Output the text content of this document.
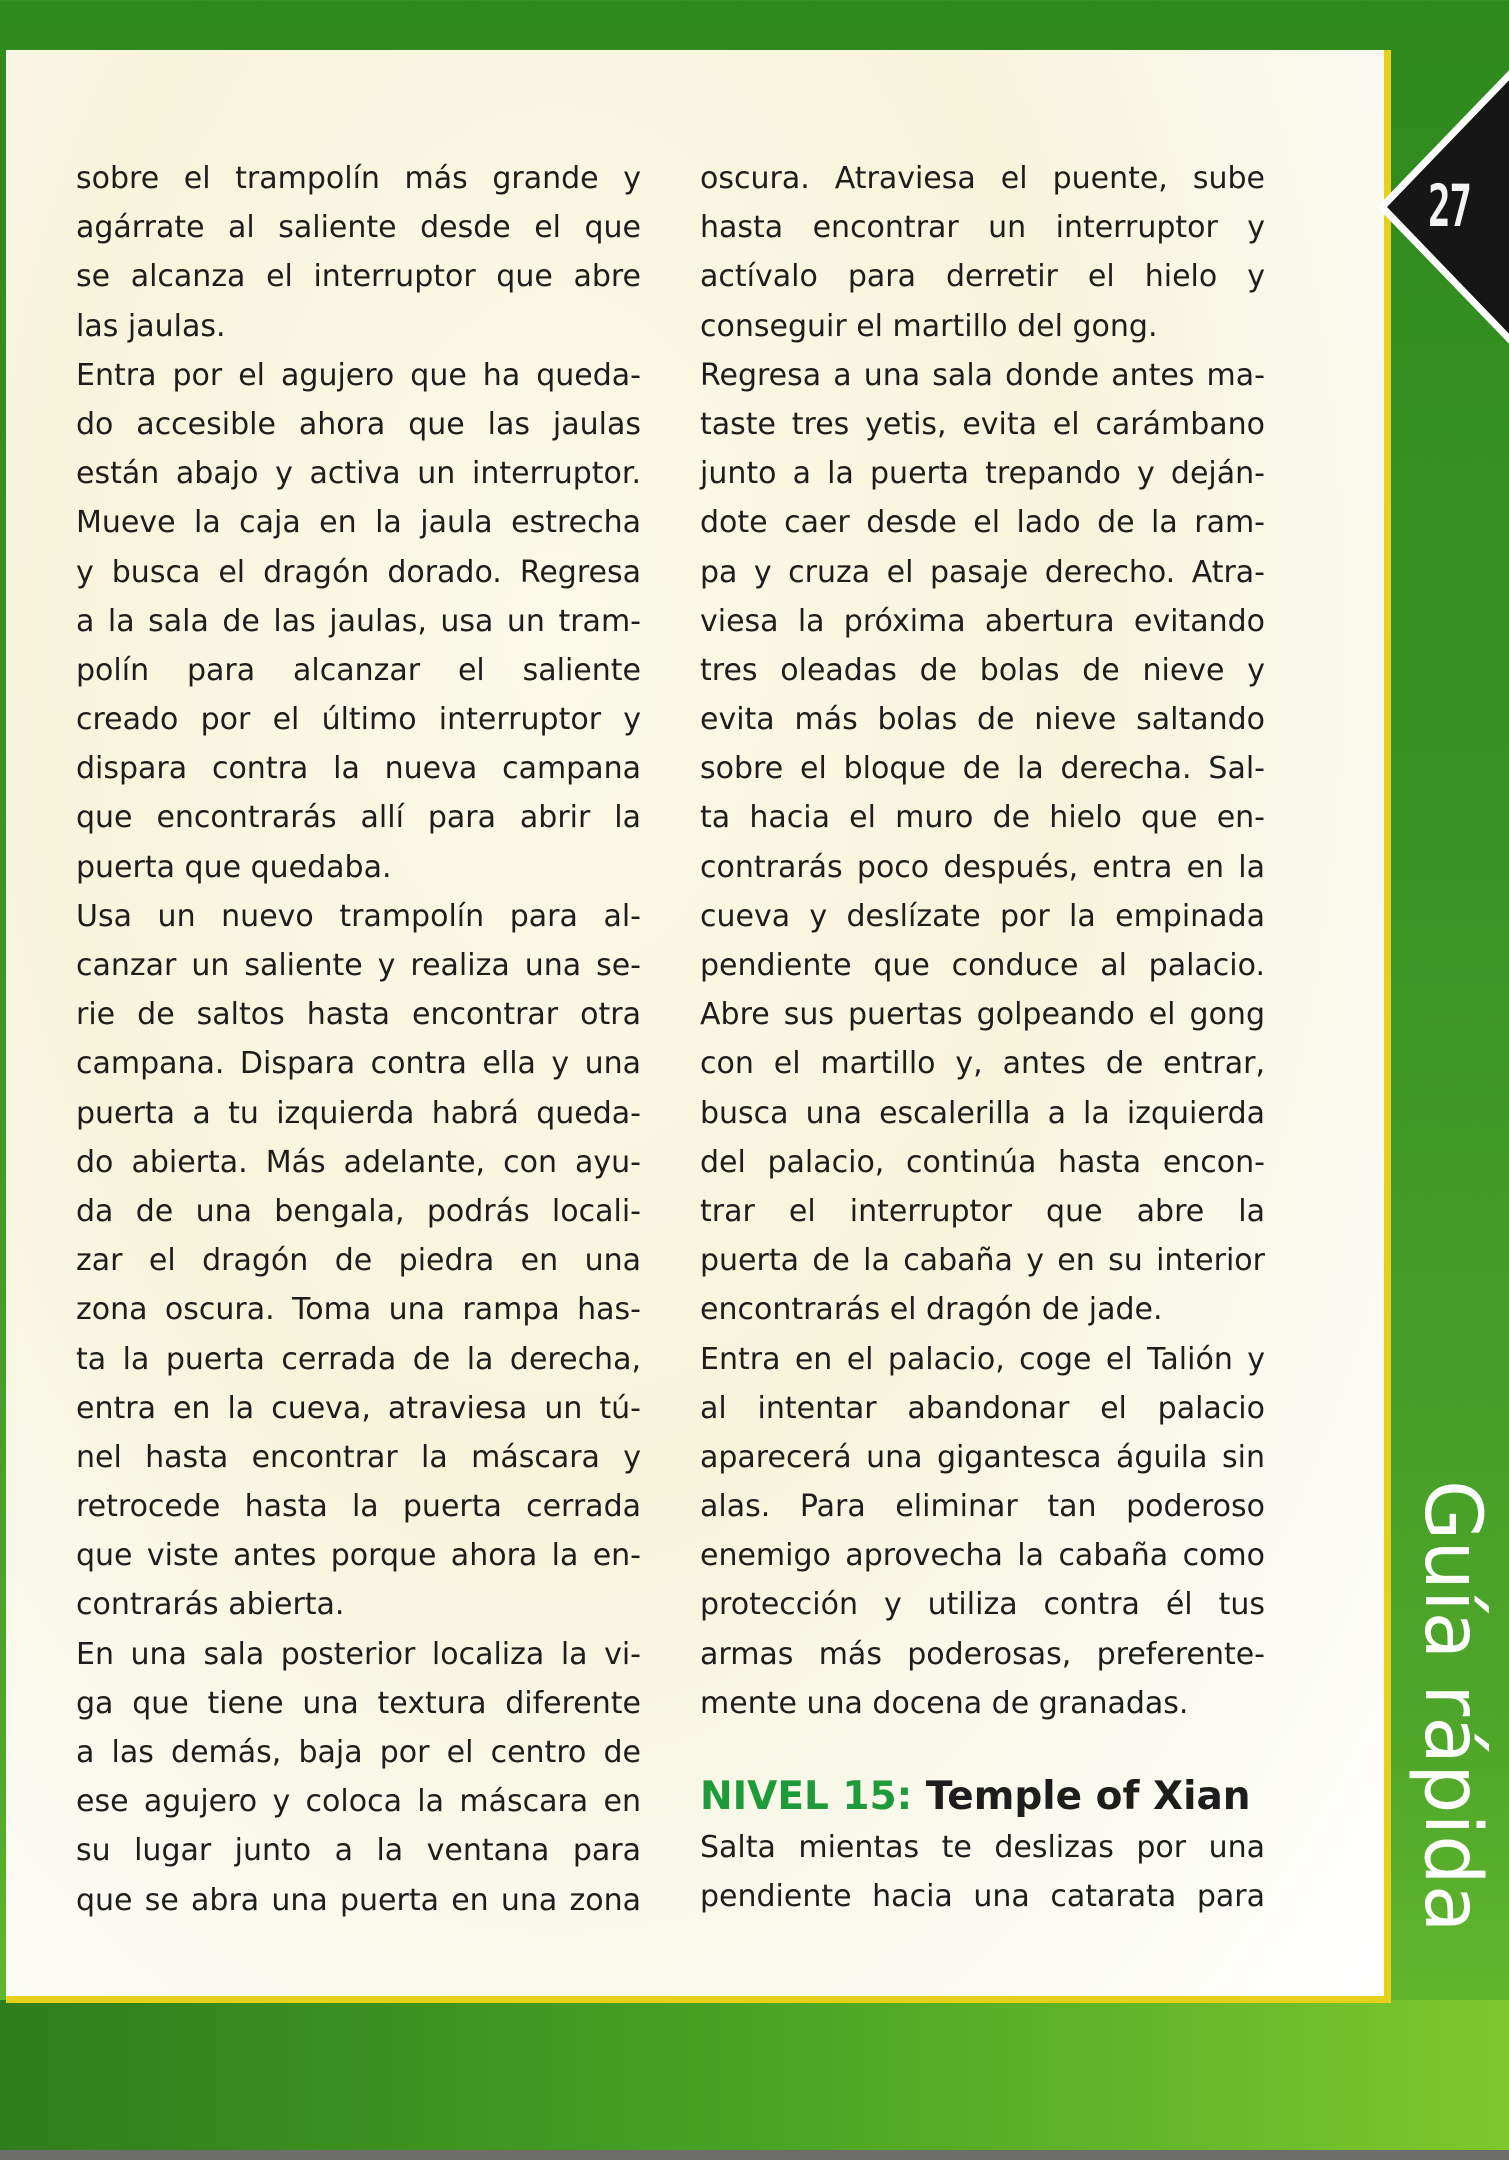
27
Guía rápida
sobre el trampolín más grande y
agárrate al saliente desde el que
se alcanza el interruptor que abre
las jaulas.
Entra por el agujero que ha queda-
do accesible ahora que las jaulas
están abajo y activa un interruptor.
Mueve la caja en la jaula estrecha
y busca el dragón dorado. Regresa
a la sala de las jaulas, usa un tram-
polín para alcanzar el saliente
creado por el último interruptor y
dispara contra la nueva campana
que encontrarás allí para abrir la
puerta que quedaba.
Usa un nuevo trampolín para al-
canzar un saliente y realiza una se-
rie de saltos hasta encontrar otra
campana. Dispara contra ella y una
puerta a tu izquierda habrá queda-
do abierta. Más adelante, con ayu-
da de una bengala, podrás locali-
zar el dragón de piedra en una
zona oscura. Toma una rampa has-
ta la puerta cerrada de la derecha,
entra en la cueva, atraviesa un tú-
nel hasta encontrar la máscara y
retrocede hasta la puerta cerrada
que viste antes porque ahora la en-
contrarás abierta.
En una sala posterior localiza la vi-
ga que tiene una textura diferente
a las demás, baja por el centro de
ese agujero y coloca la máscara en
su lugar junto a la ventana para
que se abra una puerta en una zona
oscura. Atraviesa el puente, sube
hasta encontrar un interruptor y
actívalo para derretir el hielo y
conseguir el martillo del gong.
Regresa a una sala donde antes ma-
taste tres yetis, evita el carámbano
junto a la puerta trepando y deján-
dote caer desde el lado de la ram-
pa y cruza el pasaje derecho. Atra-
viesa la próxima abertura evitando
tres oleadas de bolas de nieve y
evita más bolas de nieve saltando
sobre el bloque de la derecha. Sal-
ta hacia el muro de hielo que en-
contrarás poco después, entra en la
cueva y deslízate por la empinada
pendiente que conduce al palacio.
Abre sus puertas golpeando el gong
con el martillo y, antes de entrar,
busca una escalerilla a la izquierda
del palacio, continúa hasta encon-
trar el interruptor que abre la
puerta de la cabaña y en su interior
encontrarás el dragón de jade.
Entra en el palacio, coge el Talión y
al intentar abandonar el palacio
aparecerá una gigantesca águila sin
alas. Para eliminar tan poderoso
enemigo aprovecha la cabaña como
protección y utiliza contra él tus
armas más poderosas, preferente-
mente una docena de granadas.
NIVEL 15: Temple of Xian
Salta mientas te deslizas por una
pendiente hacia una catarata para
